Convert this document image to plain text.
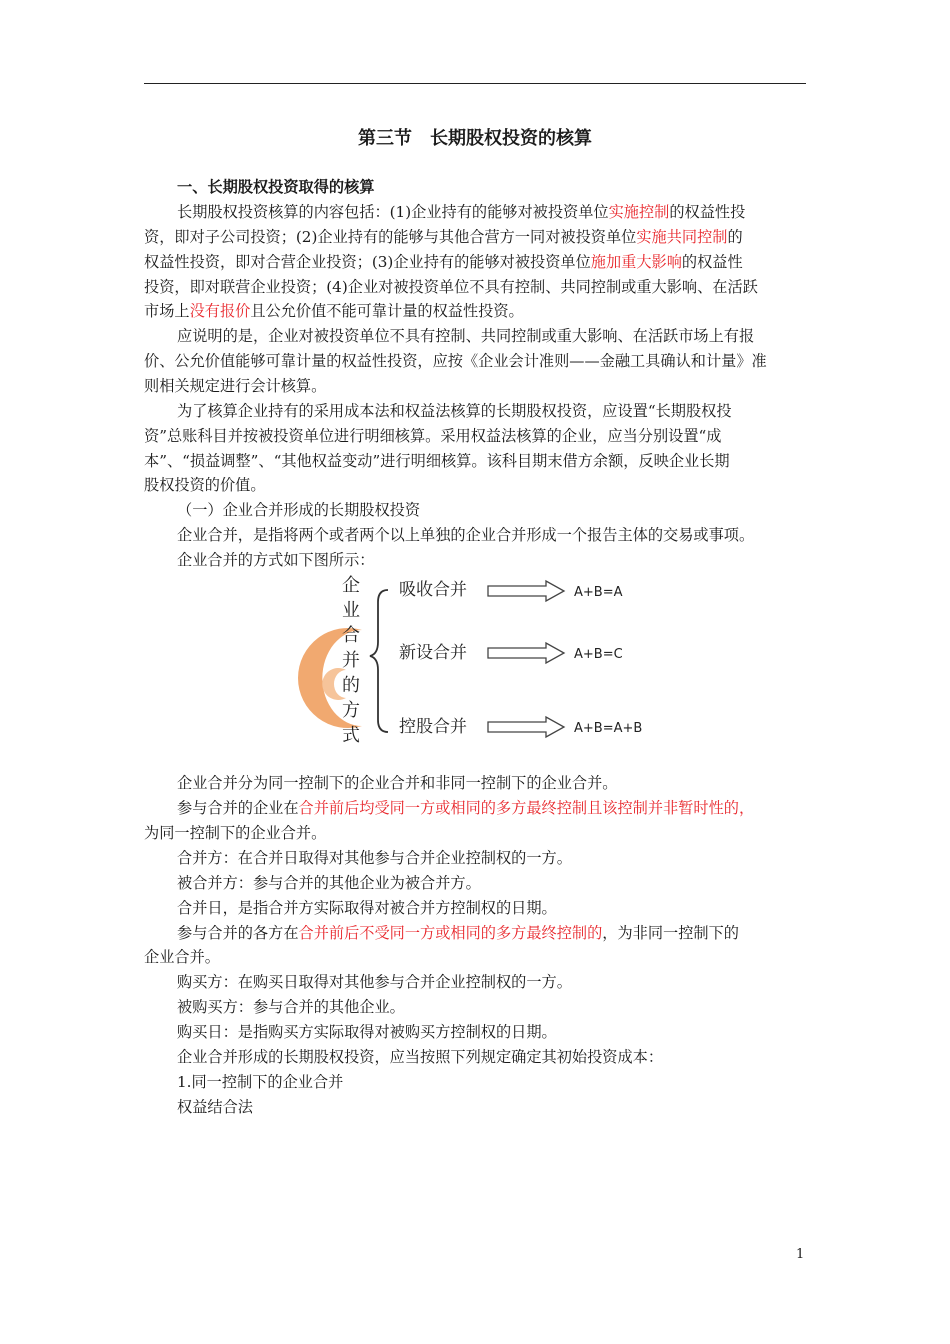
第三节　长期股权投资的核算
一、长期股权投资取得的核算
长期股权投资核算的内容包括：(1)企业持有的能够对被投资单位实施控制的权益性投
资，即对子公司投资；(2)企业持有的能够与其他合营方一同对被投资单位实施共同控制的
权益性投资，即对合营企业投资；(3)企业持有的能够对被投资单位施加重大影响的权益性
投资，即对联营企业投资；(4)企业对被投资单位不具有控制、共同控制或重大影响、在活跃
市场上没有报价且公允价值不能可靠计量的权益性投资。
应说明的是，企业对被投资单位不具有控制、共同控制或重大影响、在活跃市场上有报
价、公允价值能够可靠计量的权益性投资，应按《企业会计准则——金融工具确认和计量》准
则相关规定进行会计核算。
为了核算企业持有的采用成本法和权益法核算的长期股权投资，应设置“长期股权投
资”总账科目并按被投资单位进行明细核算。采用权益法核算的企业，应当分别设置“成
本”、“损益调整”、“其他权益变动”进行明细核算。该科目期末借方余额，反映企业长期
股权投资的价值。
（一）企业合并形成的长期股权投资
企业合并，是指将两个或者两个以上单独的企业合并形成一个报告主体的交易或事项。
企业合并的方式如下图所示：
企
业
合
并
的
方
式
吸收合并
新设合并
控股合并
A+B=A
A+B=C
A+B=A+B
企业合并分为同一控制下的企业合并和非同一控制下的企业合并。
参与合并的企业在合并前后均受同一方或相同的多方最终控制且该控制并非暂时性的，
为同一控制下的企业合并。
合并方：在合并日取得对其他参与合并企业控制权的一方。
被合并方：参与合并的其他企业为被合并方。
合并日，是指合并方实际取得对被合并方控制权的日期。
参与合并的各方在合并前后不受同一方或相同的多方最终控制的，为非同一控制下的
企业合并。
购买方：在购买日取得对其他参与合并企业控制权的一方。
被购买方：参与合并的其他企业。
购买日：是指购买方实际取得对被购买方控制权的日期。
企业合并形成的长期股权投资，应当按照下列规定确定其初始投资成本：
1.同一控制下的企业合并
权益结合法
1
